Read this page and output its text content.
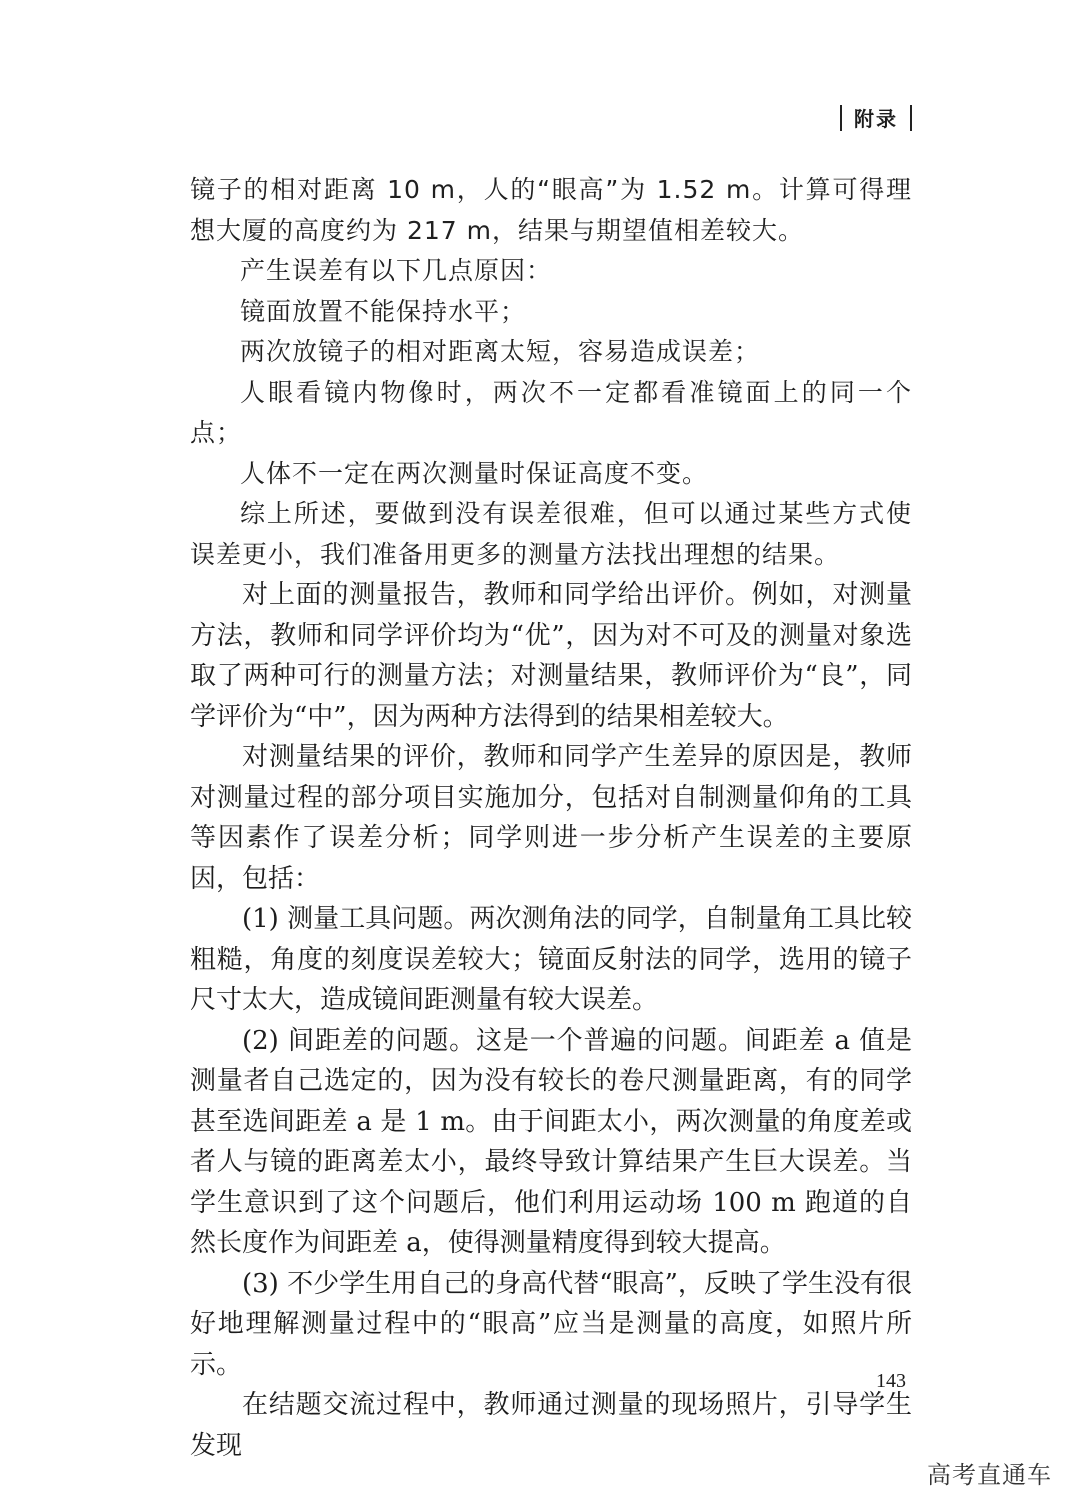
附录

镜子的相对距离 10 m，人的“眼高”为 1.52 m。计算可得理想大厦的高度约为 217 m，结果与期望值相差较大。

产生误差有以下几点原因：

镜面放置不能保持水平；

两次放镜子的相对距离太短，容易造成误差；

人眼看镜内物像时，两次不一定都看准镜面上的同一个点；

人体不一定在两次测量时保证高度不变。

综上所述，要做到没有误差很难，但可以通过某些方式使误差更小，我们准备用更多的测量方法找出理想的结果。

对上面的测量报告，教师和同学给出评价。例如，对测量方法，教师和同学评价均为“优”，因为对不可及的测量对象选取了两种可行的测量方法；对测量结果，教师评价为“良”，同学评价为“中”，因为两种方法得到的结果相差较大。

对测量结果的评价，教师和同学产生差异的原因是，教师对测量过程的部分项目实施加分，包括对自制测量仰角的工具等因素作了误差分析；同学则进一步分析产生误差的主要原因，包括：

(1) 测量工具问题。两次测角法的同学，自制量角工具比较粗糙，角度的刻度误差较大；镜面反射法的同学，选用的镜子尺寸太大，造成镜间距测量有较大误差。

(2) 间距差的问题。这是一个普遍的问题。间距差 a 值是测量者自己选定的，因为没有较长的卷尺测量距离，有的同学甚至选间距差 a 是 1 m。由于间距太小，两次测量的角度差或者人与镜的距离差太小，最终导致计算结果产生巨大误差。当学生意识到了这个问题后，他们利用运动场 100 m 跑道的自然长度作为间距差 a，使得测量精度得到较大提高。

(3) 不少学生用自己的身高代替“眼高”，反映了学生没有很好地理解测量过程中的“眼高”应当是测量的高度，如照片所示。

在结题交流过程中，教师通过测量的现场照片，引导学生发现

143
高考直通车
